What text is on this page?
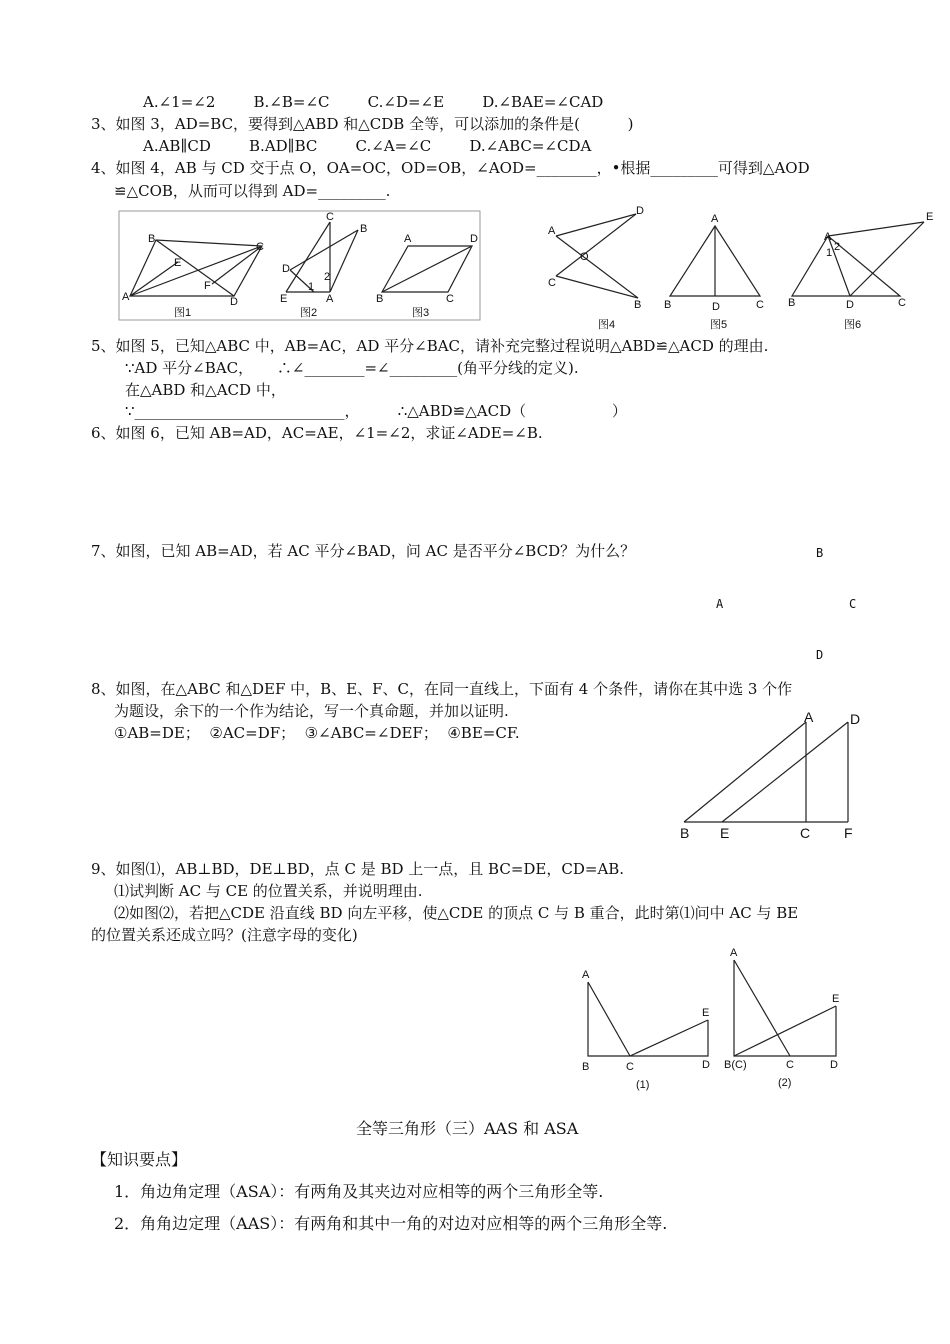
A.∠1=∠2        B.∠B=∠C        C.∠D=∠E        D.∠BAE=∠CAD
3、如图 3，AD=BC，要得到△ABD 和△CDB 全等，可以添加的条件是(          )
A.AB∥CD        B.AD∥BC        C.∠A=∠C        D.∠ABC=∠CDA
4、如图 4，AB 与 CD 交于点 O，OA=OC，OD=OB，∠AOD=________，•根据_________可得到△AOD
≌△COB，从而可以得到 AD=_________.
B
C
A	D
E
F
图1
C
B
D
E	A
1
2
图2
A	D
B	C
图3
A
D
O
C
B
图4
A
B	D	C
图5
A
2
1
E
B	D	C
图6
5、如图 5，已知△ABC 中，AB=AC，AD 平分∠BAC，请补充完整过程说明△ABD≌△ACD 的理由.
∵AD 平分∠BAC，     ∴∠________=∠_________(角平分线的定义).
在△ABD 和△ACD 中，
∵____________________________，        ∴△ABD≌△ACD（                  ）
6、如图 6，已知 AB=AD，AC=AE，∠1=∠2，求证∠ADE=∠B.
7、如图，已知 AB=AD，若 AC 平分∠BAD，问 AC 是否平分∠BCD？为什么？	B
A	C
D
8、如图，在△ABC 和△DEF 中，B、E、F、C，在同一直线上，下面有 4 个条件，请你在其中选 3 个作
为题设，余下的一个作为结论，写一个真命题，并加以证明.
①AB=DE；  ②AC=DF；  ③∠ABC=∠DEF；  ④BE=CF.
A	D
B E	C F
9、如图⑴，AB⊥BD，DE⊥BD，点 C 是 BD 上一点，且 BC=DE，CD=AB.
⑴试判断 AC 与 CE 的位置关系，并说明理由.
⑵如图⑵，若把△CDE 沿直线 BD 向左平移，使△CDE 的顶点 C 与 B 重合，此时第⑴问中 AC 与 BE
的位置关系还成立吗？(注意字母的变化)
A
B	C	D
E
(1)
A
B(C)	C	D
E
(2)
全等三角形（三）AAS 和 ASA
【知识要点】
1．角边角定理（ASA）：有两角及其夹边对应相等的两个三角形全等.
2．角角边定理（AAS）：有两角和其中一角的对边对应相等的两个三角形全等.
